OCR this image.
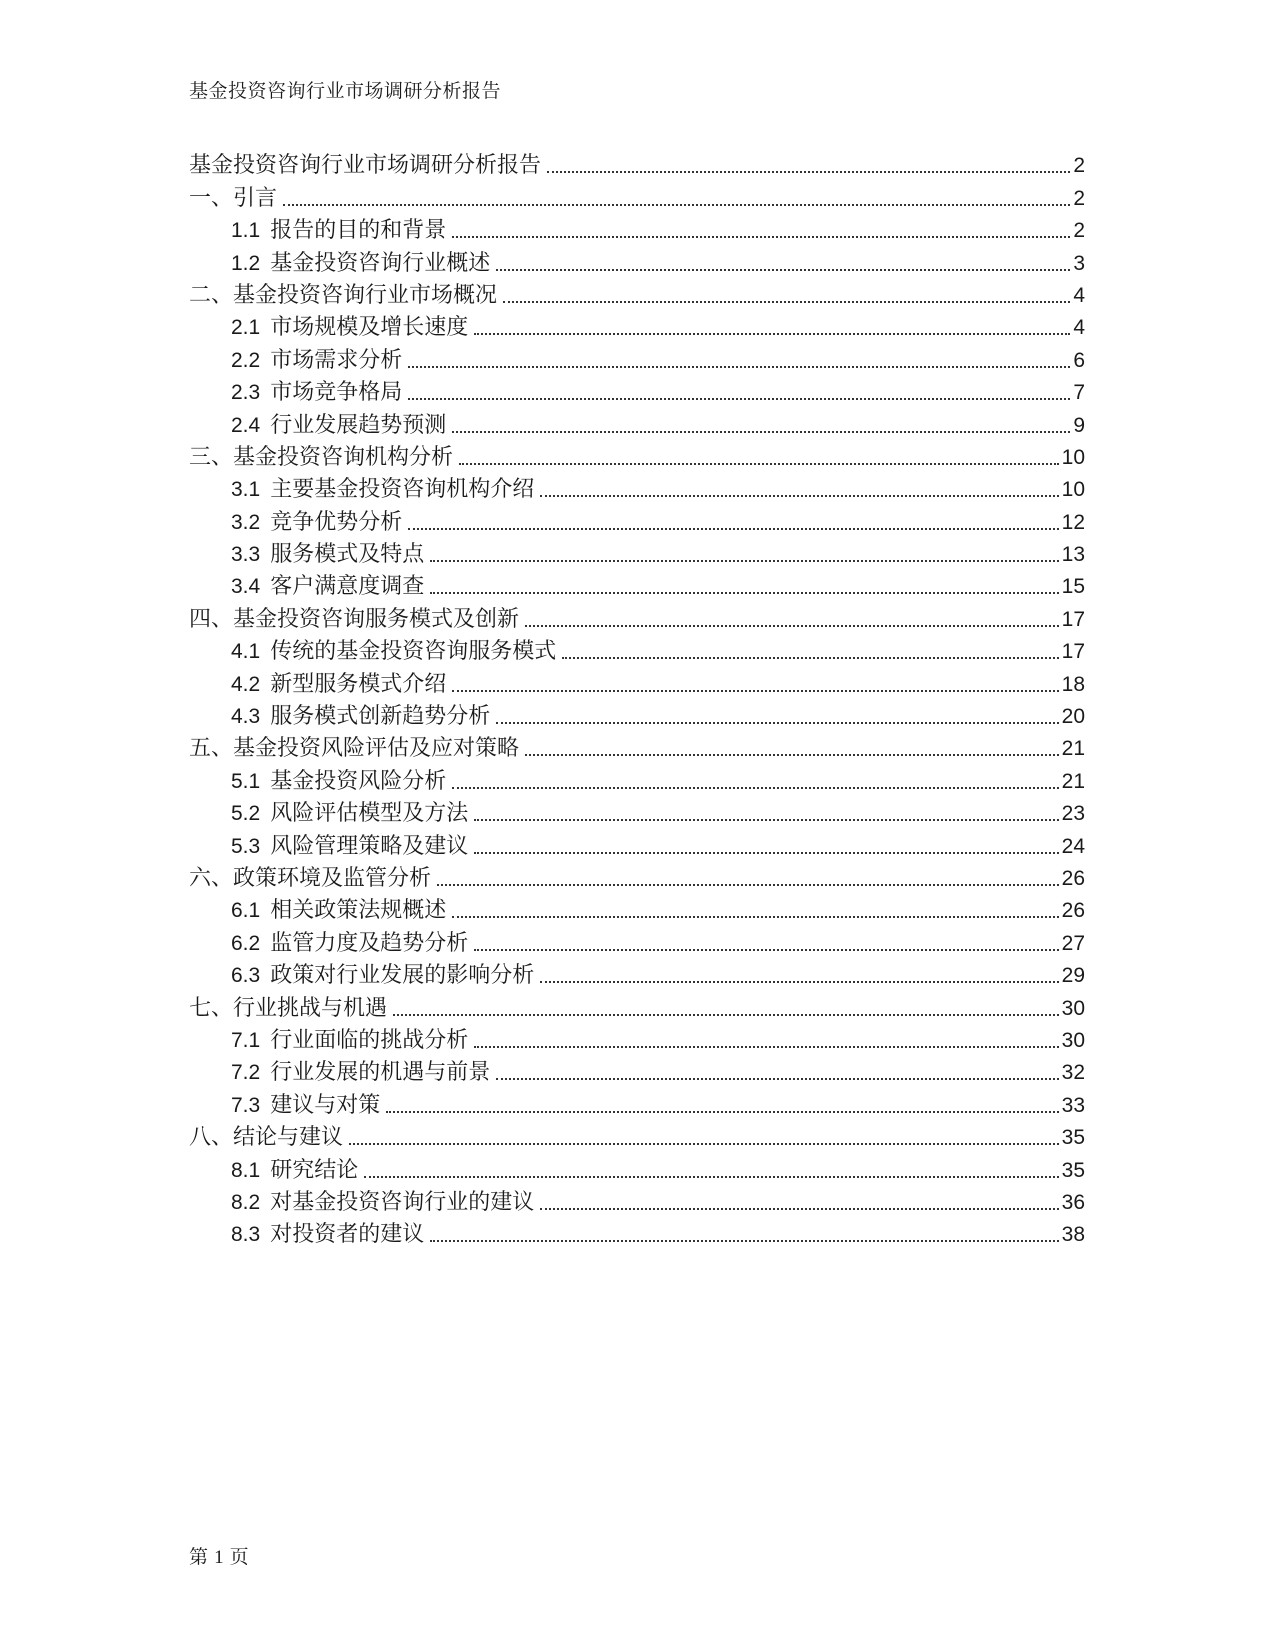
基金投资咨询行业市场调研分析报告
基金投资咨询行业市场调研分析报告	2
一、引言	2
1.1 报告的目的和背景	2
1.2 基金投资咨询行业概述	3
二、基金投资咨询行业市场概况	4
2.1 市场规模及增长速度	4
2.2 市场需求分析	6
2.3 市场竞争格局	7
2.4 行业发展趋势预测	9
三、基金投资咨询机构分析	10
3.1 主要基金投资咨询机构介绍	10
3.2 竞争优势分析	12
3.3 服务模式及特点	13
3.4 客户满意度调查	15
四、基金投资咨询服务模式及创新	17
4.1 传统的基金投资咨询服务模式	17
4.2 新型服务模式介绍	18
4.3 服务模式创新趋势分析	20
五、基金投资风险评估及应对策略	21
5.1 基金投资风险分析	21
5.2 风险评估模型及方法	23
5.3 风险管理策略及建议	24
六、政策环境及监管分析	26
6.1 相关政策法规概述	26
6.2 监管力度及趋势分析	27
6.3 政策对行业发展的影响分析	29
七、行业挑战与机遇	30
7.1 行业面临的挑战分析	30
7.2 行业发展的机遇与前景	32
7.3 建议与对策	33
八、结论与建议	35
8.1 研究结论	35
8.2 对基金投资咨询行业的建议	36
8.3 对投资者的建议	38
第 1 页
